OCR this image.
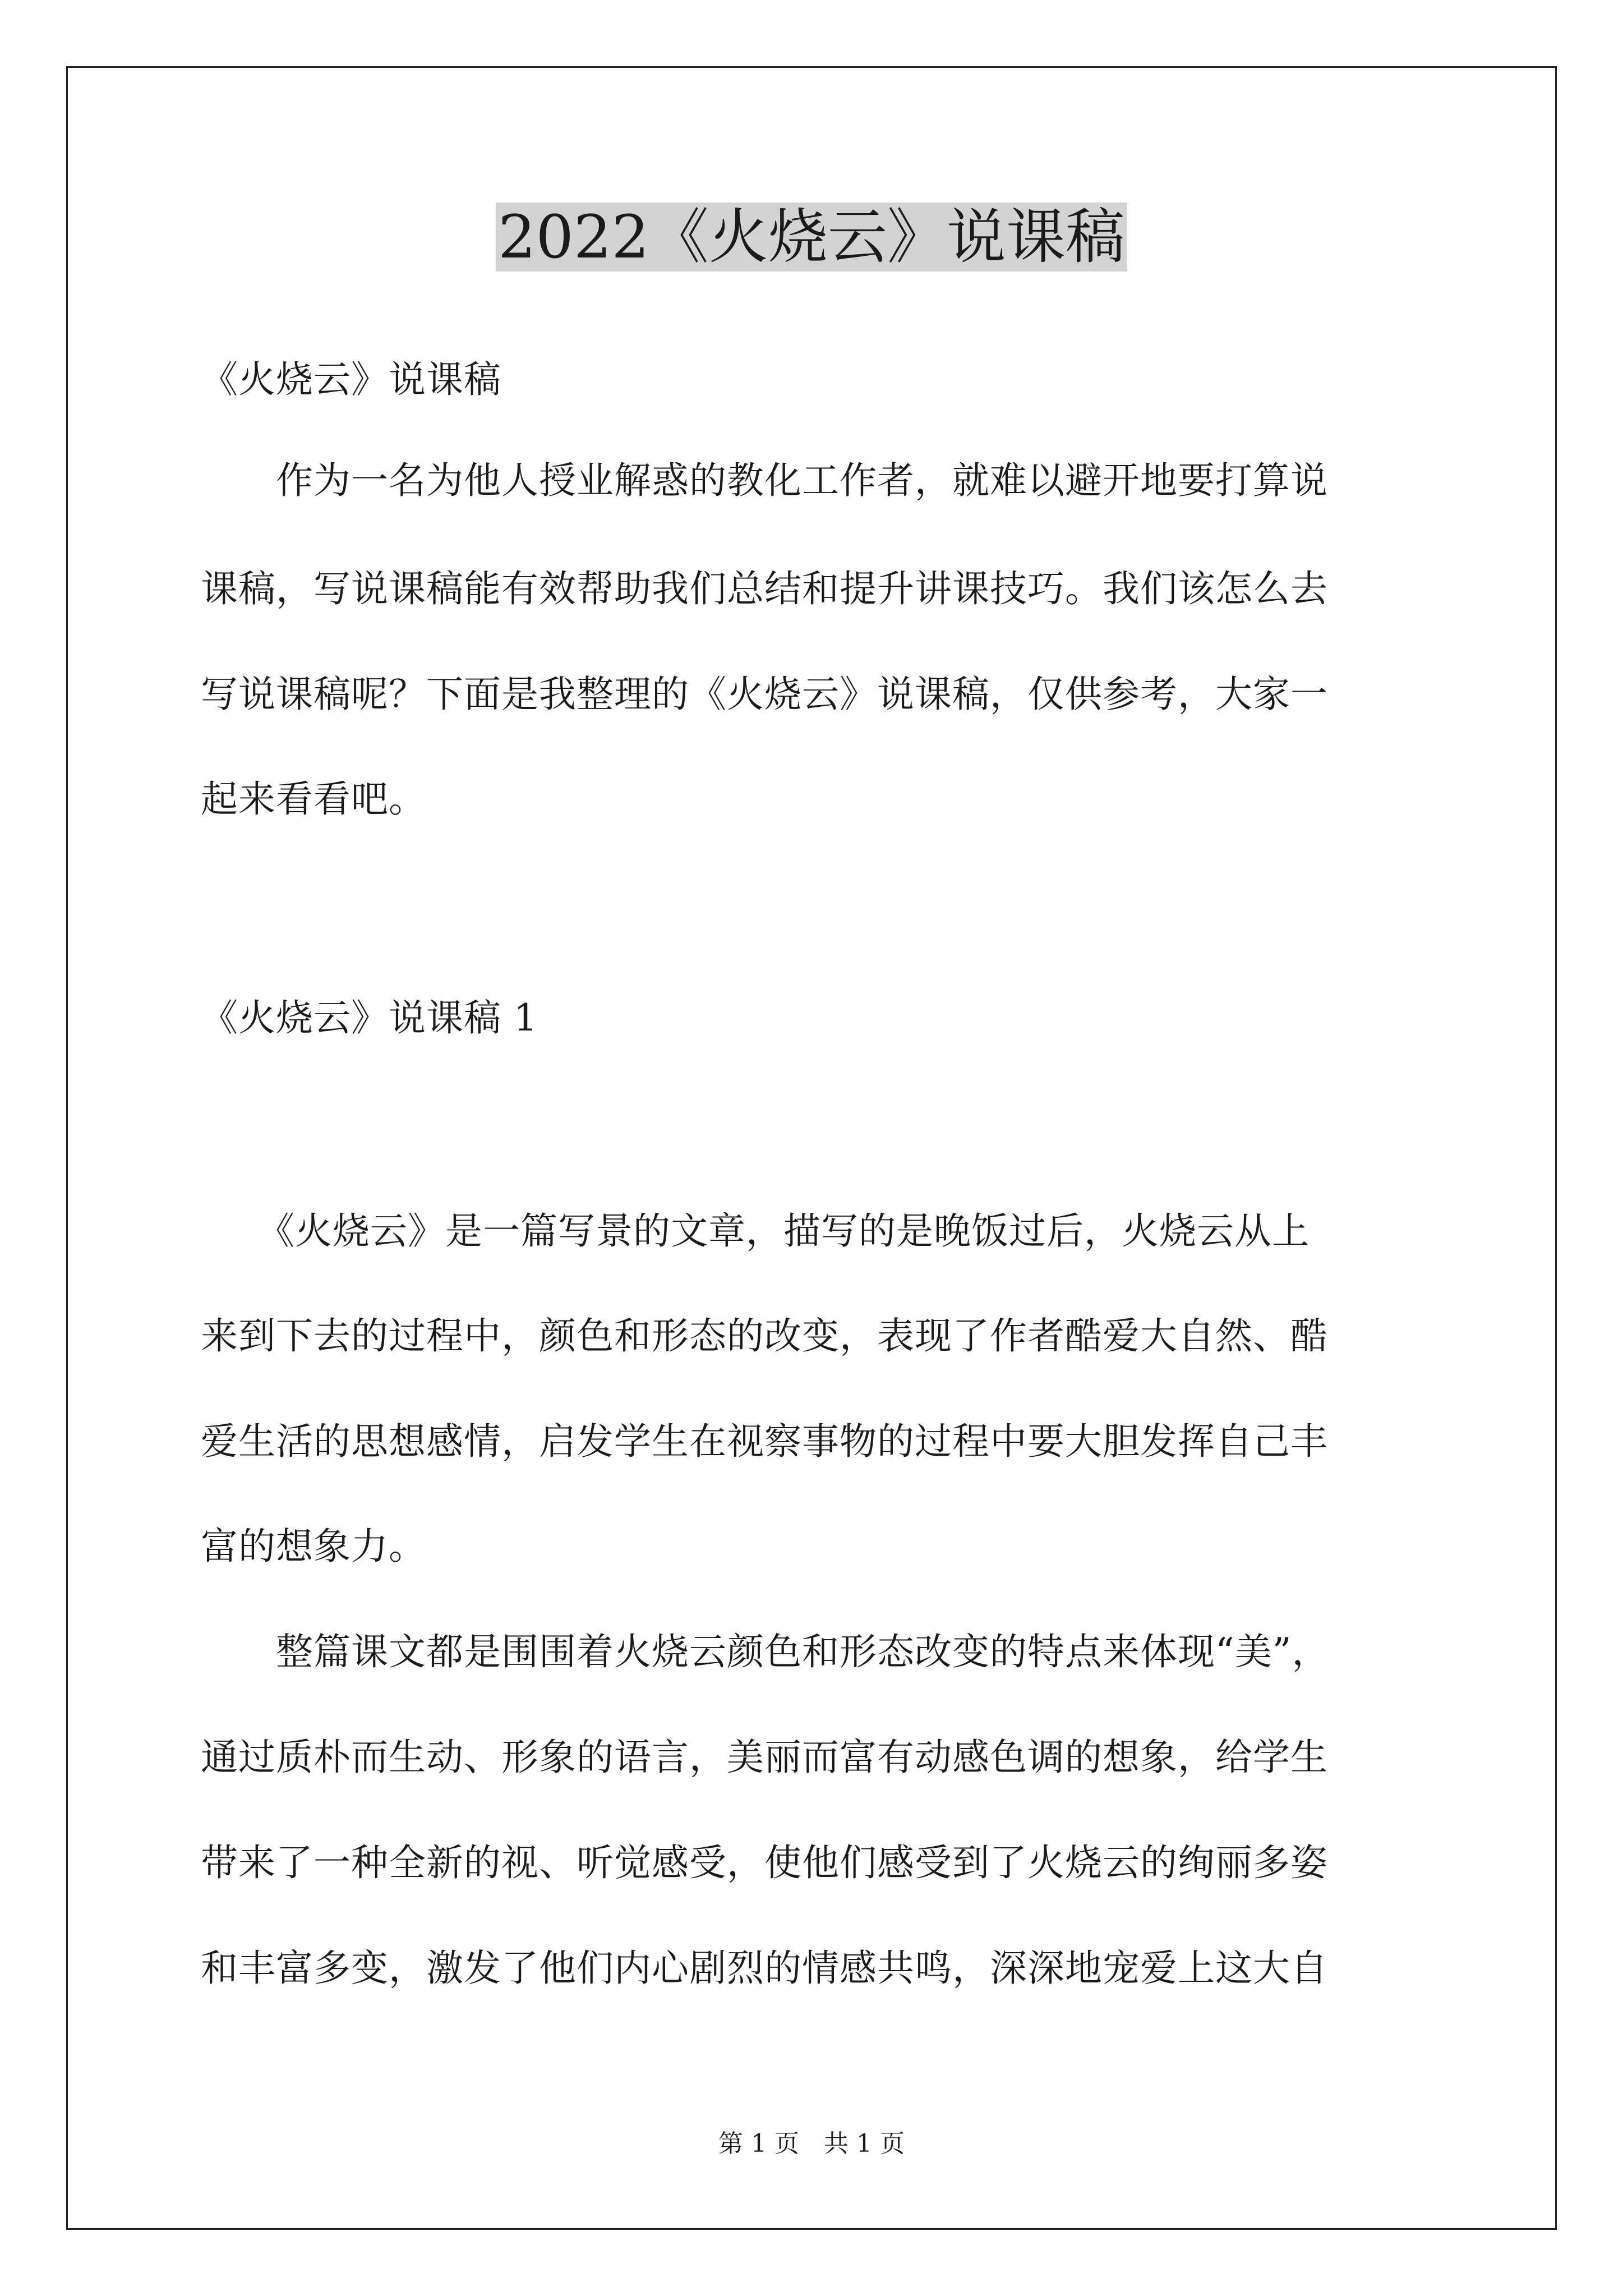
2022《火烧云》说课稿
《火烧云》说课稿
　　作为一名为他人授业解惑的教化工作者，就难以避开地要打算说
课稿，写说课稿能有效帮助我们总结和提升讲课技巧。我们该怎么去
写说课稿呢？下面是我整理的《火烧云》说课稿，仅供参考，大家一
起来看看吧。
《火烧云》说课稿 1
　　《火烧云》是一篇写景的文章，描写的是晚饭过后，火烧云从上
来到下去的过程中，颜色和形态的改变，表现了作者酷爱大自然、酷
爱生活的思想感情，启发学生在视察事物的过程中要大胆发挥自己丰
富的想象力。
　　整篇课文都是围围着火烧云颜色和形态改变的特点来体现“美”，
通过质朴而生动、形象的语言，美丽而富有动感色调的想象，给学生
带来了一种全新的视、听觉感受，使他们感受到了火烧云的绚丽多姿
和丰富多变，激发了他们内心剧烈的情感共鸣，深深地宠爱上这大自
第 1 页　共 1 页
